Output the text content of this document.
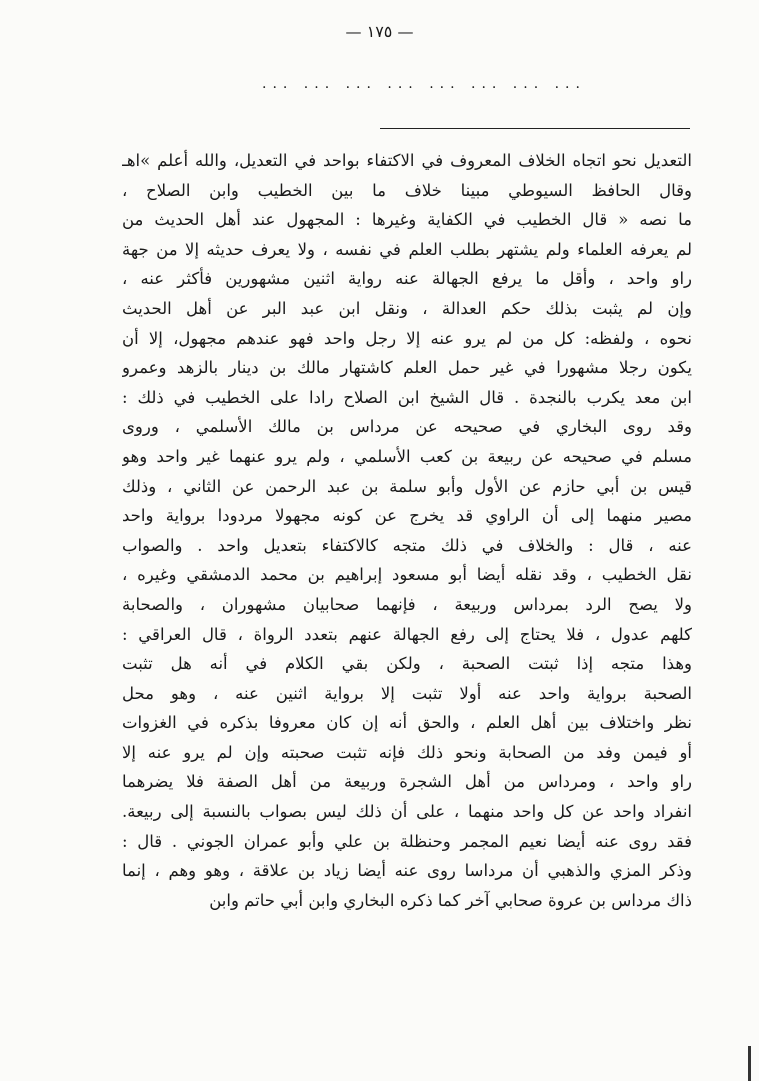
— ١٧٥ —
... ... ... ... ... ... ... ...
التعديل نحو اتجاه الخلاف المعروف في الاكتفاء بواحد في التعديل، والله أعلم »اهـ
وقال الحافظ السيوطي مبينا خلاف ما بين الخطيب وابن الصلاح ،
ما نصه « قال الخطيب في الكفاية وغيرها : المجهول عند أهل الحديث من
لم يعرفه العلماء ولم يشتهر بطلب العلم في نفسه ، ولا يعرف حديثه إلا من جهة
راو واحد ، وأقل ما يرفع الجهالة عنه رواية اثنين مشهورين فأكثر عنه ،
وإن لم يثبت بذلك حكم العدالة ، ونقل ابن عبد البر عن أهل الحديث
نحوه ، ولفظه: كل من لم يرو عنه إلا رجل واحد فهو عندهم مجهول، إلا أن
يكون رجلا مشهورا في غير حمل العلم كاشتهار مالك بن دينار بالزهد وعمرو
ابن معد يكرب بالنجدة . قال الشيخ ابن الصلاح رادا على الخطيب في ذلك :
وقد روى البخاري في صحيحه عن مرداس بن مالك الأسلمي ، وروى
مسلم في صحيحه عن ربيعة بن كعب الأسلمي ، ولم يرو عنهما غير واحد وهو
قيس بن أبي حازم عن الأول وأبو سلمة بن عبد الرحمن عن الثاني ، وذلك
مصير منهما إلى أن الراوي قد يخرج عن كونه مجهولا مردودا برواية واحد
عنه ، قال : والخلاف في ذلك متجه كالاكتفاء بتعديل واحد . والصواب
نقل الخطيب ، وقد نقله أيضا أبو مسعود إبراهيم بن محمد الدمشقي وغيره ،
ولا يصح الرد بمرداس وربيعة ، فإنهما صحابيان مشهوران ، والصحابة
كلهم عدول ، فلا يحتاج إلى رفع الجهالة عنهم بتعدد الرواة ، قال العراقي :
وهذا متجه إذا ثبتت الصحبة ، ولكن بقي الكلام في أنه هل تثبت
الصحبة برواية واحد عنه أولا تثبت إلا برواية اثنين عنه ، وهو محل
نظر واختلاف بين أهل العلم ، والحق أنه إن كان معروفا بذكره في الغزوات
أو فيمن وفد من الصحابة ونحو ذلك فإنه تثبت صحبته وإن لم يرو عنه إلا
راو واحد ، ومرداس من أهل الشجرة وربيعة من أهل الصفة فلا يضرهما
انفراد واحد عن كل واحد منهما ، على أن ذلك ليس بصواب بالنسبة إلى ربيعة.
فقد روى عنه أيضا نعيم المجمر وحنظلة بن علي وأبو عمران الجوني . قال :
وذكر المزي والذهبي أن مرداسا روى عنه أيضا زياد بن علاقة ، وهو وهم ، إنما
ذاك مرداس بن عروة صحابي آخر كما ذكره البخاري وابن أبي حاتم وابن
